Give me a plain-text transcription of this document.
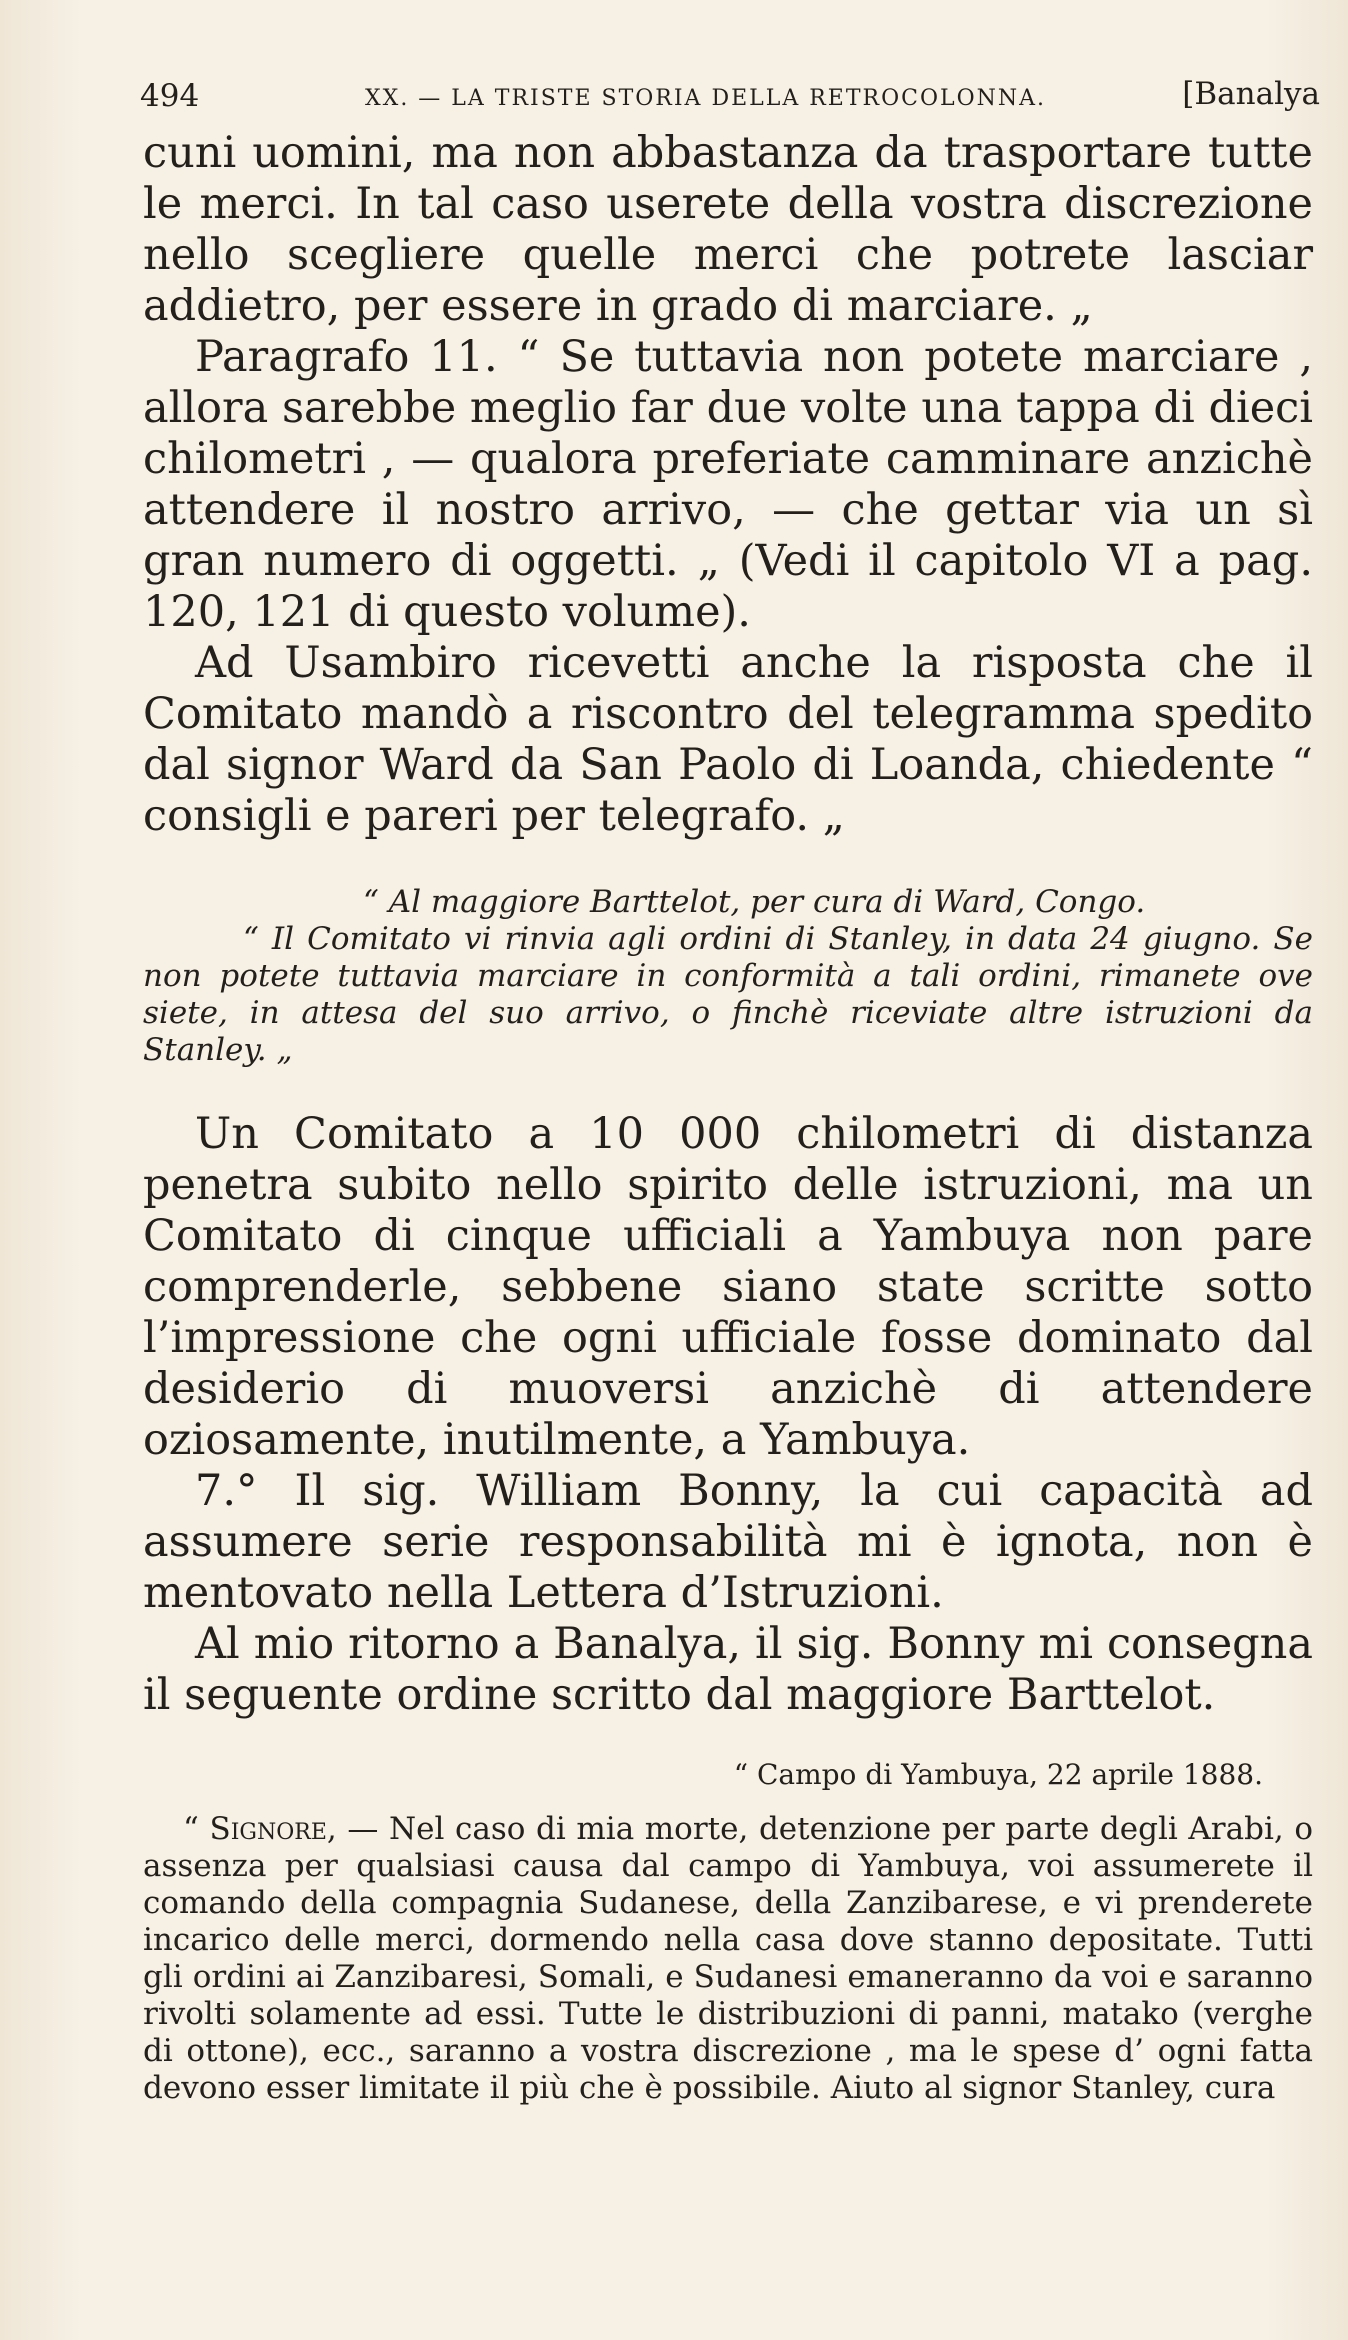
494	XX. — LA TRISTE STORIA DELLA RETROCOLONNA.	[Banalya

cuni uomini, ma non abbastanza da trasportare tutte le merci. In tal caso userete della vostra discrezione nello scegliere quelle merci che potrete lasciar addietro, per essere in grado di marciare. „

Paragrafo 11. “ Se tuttavia non potete marciare , allora sarebbe meglio far due volte una tappa di dieci chilometri , — qualora preferiate camminare anzichè attendere il nostro arrivo, — che gettar via un sì gran numero di oggetti. „ (Vedi il capitolo VI a pag. 120, 121 di questo volume).

Ad Usambiro ricevetti anche la risposta che il Comitato mandò a riscontro del telegramma spedito dal signor Ward da San Paolo di Loanda, chiedente “ consigli e pareri per telegrafo. „

“ Al maggiore Barttelot, per cura di Ward, Congo.

“ Il Comitato vi rinvia agli ordini di Stanley, in data 24 giugno. Se non potete tuttavia marciare in conformità a tali ordini, rimanete ove siete, in attesa del suo arrivo, o finchè riceviate altre istruzioni da Stanley. „

Un Comitato a 10 000 chilometri di distanza penetra subito nello spirito delle istruzioni, ma un Comitato di cinque ufficiali a Yambuya non pare comprenderle, sebbene siano state scritte sotto l’impressione che ogni ufficiale fosse dominato dal desiderio di muoversi anzichè di attendere oziosamente, inutilmente, a Yambuya.

7.° Il sig. William Bonny, la cui capacità ad assumere serie responsabilità mi è ignota, non è mentovato nella Lettera d’Istruzioni.

Al mio ritorno a Banalya, il sig. Bonny mi consegna il seguente ordine scritto dal maggiore Barttelot.

“ Campo di Yambuya, 22 aprile 1888.

“ Signore, — Nel caso di mia morte, detenzione per parte degli Arabi, o assenza per qualsiasi causa dal campo di Yambuya, voi assumerete il comando della compagnia Sudanese, della Zanzibarese, e vi prenderete incarico delle merci, dormendo nella casa dove stanno depositate. Tutti gli ordini ai Zanzibaresi, Somali, e Sudanesi emaneranno da voi e saranno rivolti solamente ad essi. Tutte le distribuzioni di panni, matako (verghe di ottone), ecc., saranno a vostra discrezione , ma le spese d’ ogni fatta devono esser limitate il più che è possibile. Aiuto al signor Stanley, cura
